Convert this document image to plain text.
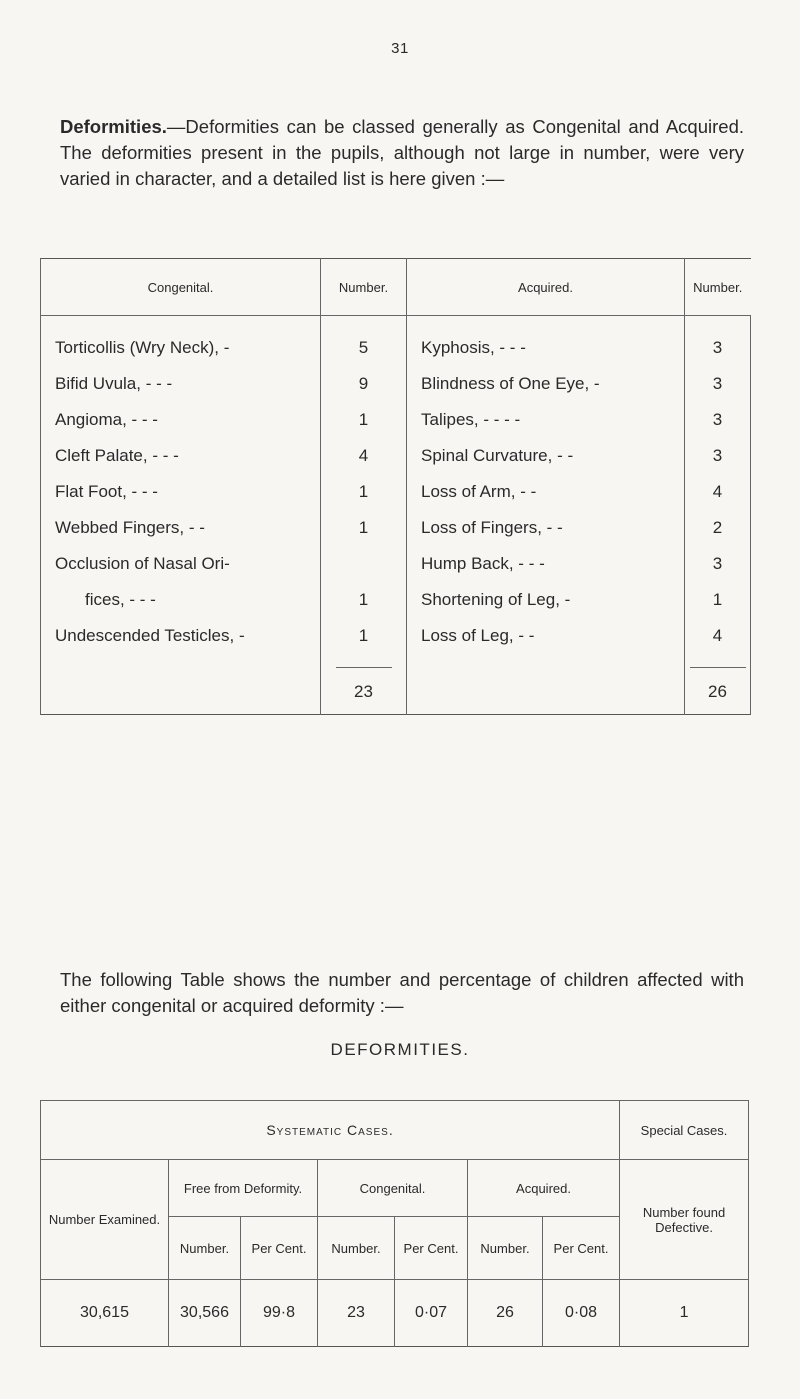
31

Deformities.—Deformities can be classed generally as Congenital and Acquired. The deformities present in the pupils, although not large in number, were very varied in character, and a detailed list is here given :—

Congenital.	Number.	Acquired.	Number.
Torticollis (Wry Neck), -	5	Kyphosis, - - -	3
Bifid Uvula, - - -	9	Blindness of One Eye, -	3
Angioma, - - -	1	Talipes, - - - -	3
Cleft Palate, - - -	4	Spinal Curvature, - -	3
Flat Foot, - - -	1	Loss of Arm, - -	4
Webbed Fingers, - -	1	Loss of Fingers, - -	2
Occlusion of Nasal Ori-		Hump Back, - - -	3
fices, - - -	1	Shortening of Leg, -	1
Undescended Testicles, -	1	Loss of Leg, - -	4
	23		26

The following Table shows the number and percentage of children affected with either congenital or acquired deformity :—

DEFORMITIES.
Systematic Cases.							Special Cases.
Number Examined.	Free from Deformity.		Congenital.		Acquired.		Number found Defective.
	Number.	Per Cent.	Number.	Per Cent.	Number.	Per Cent.	
30,615	30,566	99·8	23	0·07	26	0·08	1
